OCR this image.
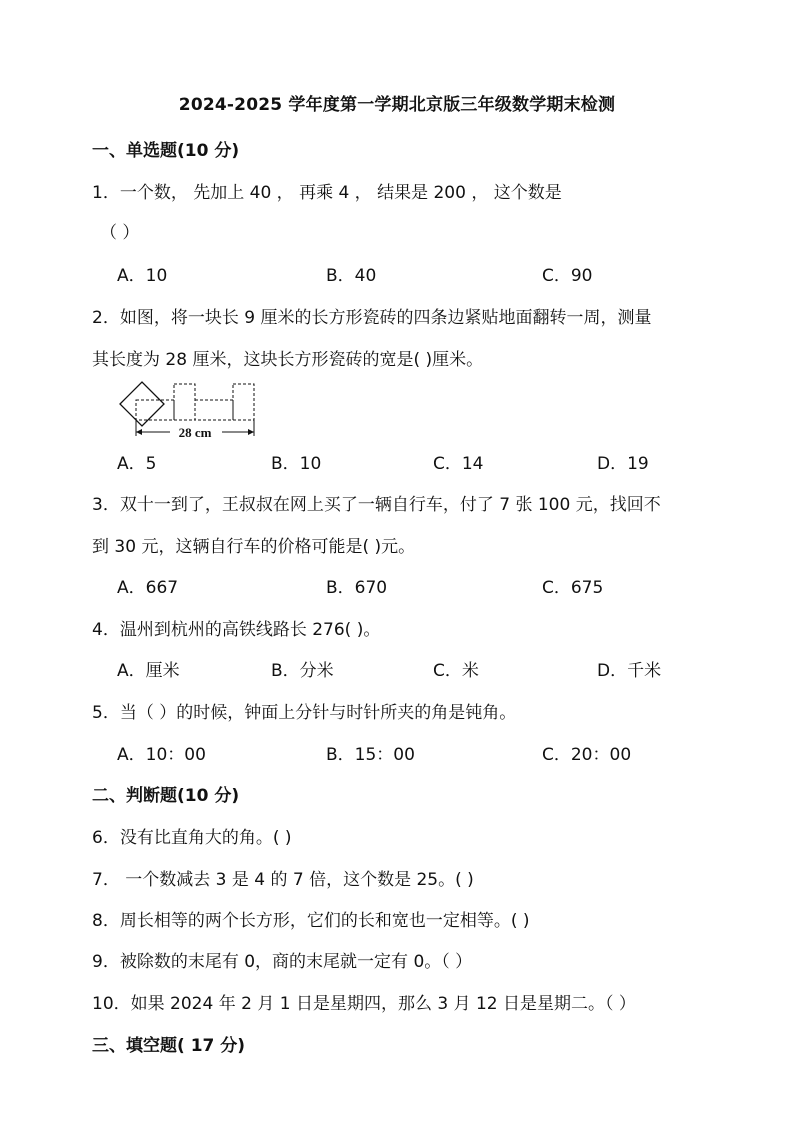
2024-2025 学年度第一学期北京版三年级数学期末检测
一、单选题(10 分)
1．一个数， 先加上 40 ， 再乘 4 ， 结果是 200 ， 这个数是
（ ）
A．10	B．40	C．90
2．如图，将一块长 9 厘米的长方形瓷砖的四条边紧贴地面翻转一周，测量
其长度为 28 厘米，这块长方形瓷砖的宽是( )厘米。
28 cm
A．5	B．10	C．14	D．19
3．双十一到了，王叔叔在网上买了一辆自行车，付了 7 张 100 元，找回不
到 30 元，这辆自行车的价格可能是( )元。
A．667	B．670	C．675
4．温州到杭州的高铁线路长 276( )。
A．厘米	B．分米	C．米	D．千米
5．当（ ）的时候，钟面上分针与时针所夹的角是钝角。
A．10：00	B．15：00	C．20：00
二、判断题(10 分)
6．没有比直角大的角。( )
7． 一个数减去 3 是 4 的 7 倍，这个数是 25。( )
8．周长相等的两个长方形，它们的长和宽也一定相等。( )
9．被除数的末尾有 0，商的末尾就一定有 0。（ ）
10．如果 2024 年 2 月 1 日是星期四，那么 3 月 12 日是星期二。（ ）
三、填空题( 17 分)
